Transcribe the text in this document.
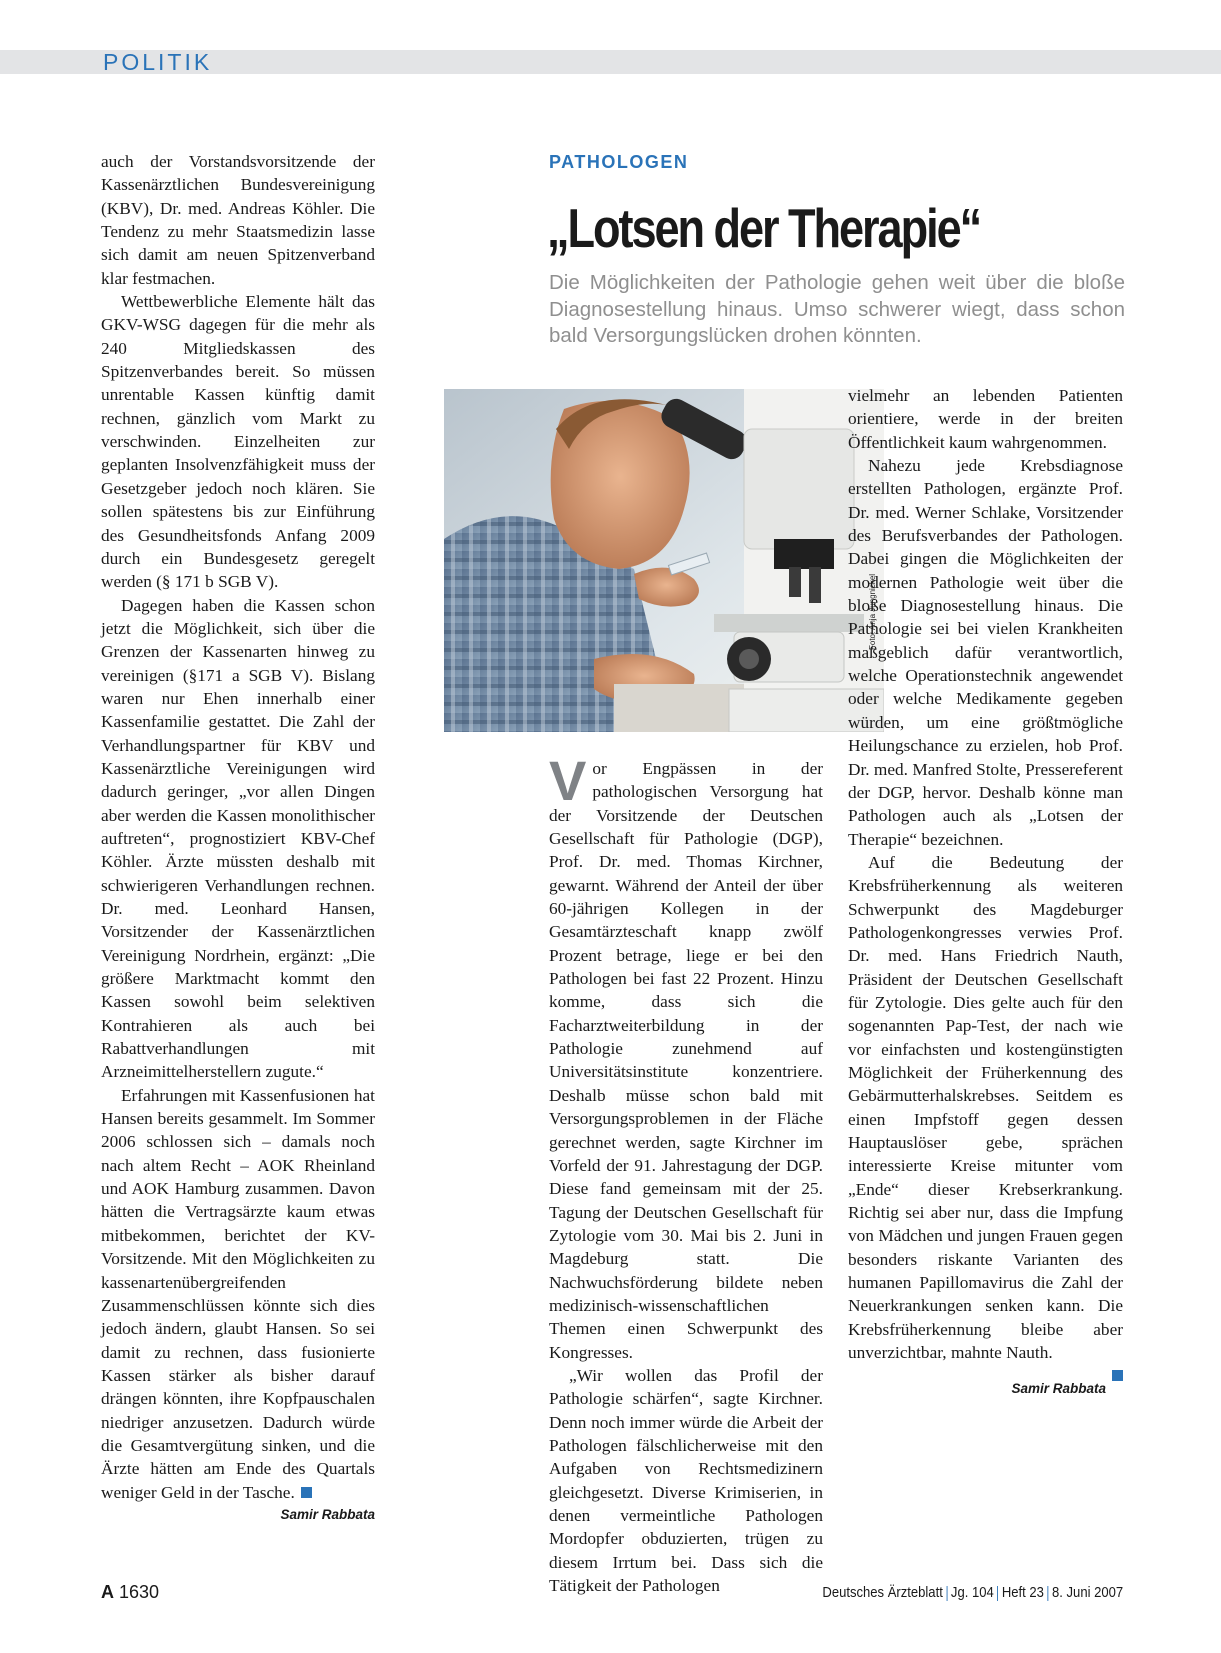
POLITIK

auch der Vorstandsvorsitzende der Kassenärztlichen Bundesvereinigung (KBV), Dr. med. Andreas Köhler. Die Tendenz zu mehr Staatsmedizin lasse sich damit am neuen Spitzenverband klar festmachen.

Wettbewerbliche Elemente hält das GKV-WSG dagegen für die mehr als 240 Mitgliedskassen des Spitzenverbandes bereit. So müssen unrentable Kassen künftig damit rechnen, gänzlich vom Markt zu verschwinden. Einzelheiten zur geplanten Insolvenzfähigkeit muss der Gesetzgeber jedoch noch klären. Sie sollen spätestens bis zur Einführung des Gesundheitsfonds Anfang 2009 durch ein Bundesgesetz geregelt werden (§ 171 b SGB V).

Dagegen haben die Kassen schon jetzt die Möglichkeit, sich über die Grenzen der Kassenarten hinweg zu vereinigen (§171 a SGB V). Bislang waren nur Ehen innerhalb einer Kassenfamilie gestattet. Die Zahl der Verhandlungspartner für KBV und Kassenärztliche Vereinigungen wird dadurch geringer, „vor allen Dingen aber werden die Kassen monolithischer auftreten“, prognostiziert KBV-Chef Köhler. Ärzte müssten deshalb mit schwierigeren Verhandlungen rechnen. Dr. med. Leonhard Hansen, Vorsitzender der Kassenärztlichen Vereinigung Nordrhein, ergänzt: „Die größere Marktmacht kommt den Kassen sowohl beim selektiven Kontrahieren als auch bei Rabattverhandlungen mit Arzneimittelherstellern zugute.“

Erfahrungen mit Kassenfusionen hat Hansen bereits gesammelt. Im Sommer 2006 schlossen sich – damals noch nach altem Recht – AOK Rheinland und AOK Hamburg zusammen. Davon hätten die Vertragsärzte kaum etwas mitbekommen, berichtet der KV-Vorsitzende. Mit den Möglichkeiten zu kassenartenübergreifenden Zusammenschlüssen könnte sich dies jedoch ändern, glaubt Hansen. So sei damit zu rechnen, dass fusionierte Kassen stärker als bisher darauf drängen könnten, ihre Kopfpauschalen niedriger anzusetzen. Dadurch würde die Gesamtvergütung sinken, und die Ärzte hätten am Ende des Quartals weniger Geld in der Tasche.

Samir Rabbata
PATHOLOGEN
„Lotsen der Therapie“
Die Möglichkeiten der Pathologie gehen weit über die bloße Diagnosestellung hinaus. Umso schwerer wiegt, dass schon bald Versorgungslücken drohen könnten.
Foto: Anja Jungnickel
V or Engpässen in der pathologischen Versorgung hat der Vorsitzende der Deutschen Gesellschaft für Pathologie (DGP), Prof. Dr. med. Thomas Kirchner, gewarnt. Während der Anteil der über 60-jährigen Kollegen in der Gesamtärzteschaft knapp zwölf Prozent betrage, liege er bei den Pathologen bei fast 22 Prozent. Hinzu komme, dass sich die Facharztweiterbildung in der Pathologie zunehmend auf Universitätsinstitute konzentriere. Deshalb müsse schon bald mit Versorgungsproblemen in der Fläche gerechnet werden, sagte Kirchner im Vorfeld der 91. Jahrestagung der DGP. Diese fand gemeinsam mit der 25. Tagung der Deutschen Gesellschaft für Zytologie vom 30. Mai bis 2. Juni in Magdeburg statt. Die Nachwuchsförderung bildete neben medizinisch-wissenschaftlichen Themen einen Schwerpunkt des Kongresses.

„Wir wollen das Profil der Pathologie schärfen“, sagte Kirchner. Denn noch immer würde die Arbeit der Pathologen fälschlicherweise mit den Aufgaben von Rechtsmedizinern gleichgesetzt. Diverse Krimiserien, in denen vermeintliche Pathologen Mordopfer obduzierten, trügen zu diesem Irrtum bei. Dass sich die Tätigkeit der Pathologen

vielmehr an lebenden Patienten orientiere, werde in der breiten Öffentlichkeit kaum wahrgenommen.

Nahezu jede Krebsdiagnose erstellten Pathologen, ergänzte Prof. Dr. med. Werner Schlake, Vorsitzender des Berufsverbandes der Pathologen. Dabei gingen die Möglichkeiten der modernen Pathologie weit über die bloße Diagnosestellung hinaus. Die Pathologie sei bei vielen Krankheiten maßgeblich dafür verantwortlich, welche Operationstechnik angewendet oder welche Medikamente gegeben würden, um eine größtmögliche Heilungschance zu erzielen, hob Prof. Dr. med. Manfred Stolte, Pressereferent der DGP, hervor. Deshalb könne man Pathologen auch als „Lotsen der Therapie“ bezeichnen.

Auf die Bedeutung der Krebsfrüherkennung als weiteren Schwerpunkt des Magdeburger Pathologenkongresses verwies Prof. Dr. med. Hans Friedrich Nauth, Präsident der Deutschen Gesellschaft für Zytologie. Dies gelte auch für den sogenannten Pap-Test, der nach wie vor einfachsten und kostengünstigten Möglichkeit der Früherkennung des Gebärmutterhalskrebses. Seitdem es einen Impfstoff gegen dessen Hauptauslöser gebe, sprächen interessierte Kreise mitunter vom „Ende“ dieser Krebserkrankung. Richtig sei aber nur, dass die Impfung von Mädchen und jungen Frauen gegen besonders riskante Varianten des humanen Papillomavirus die Zahl der Neuerkrankungen senken kann. Die Krebsfrüherkennung bleibe aber unverzichtbar, mahnte Nauth.

Samir Rabbata
A 1630	Deutsches Ärzteblatt Jg. 104 Heft 23 8. Juni 2007
